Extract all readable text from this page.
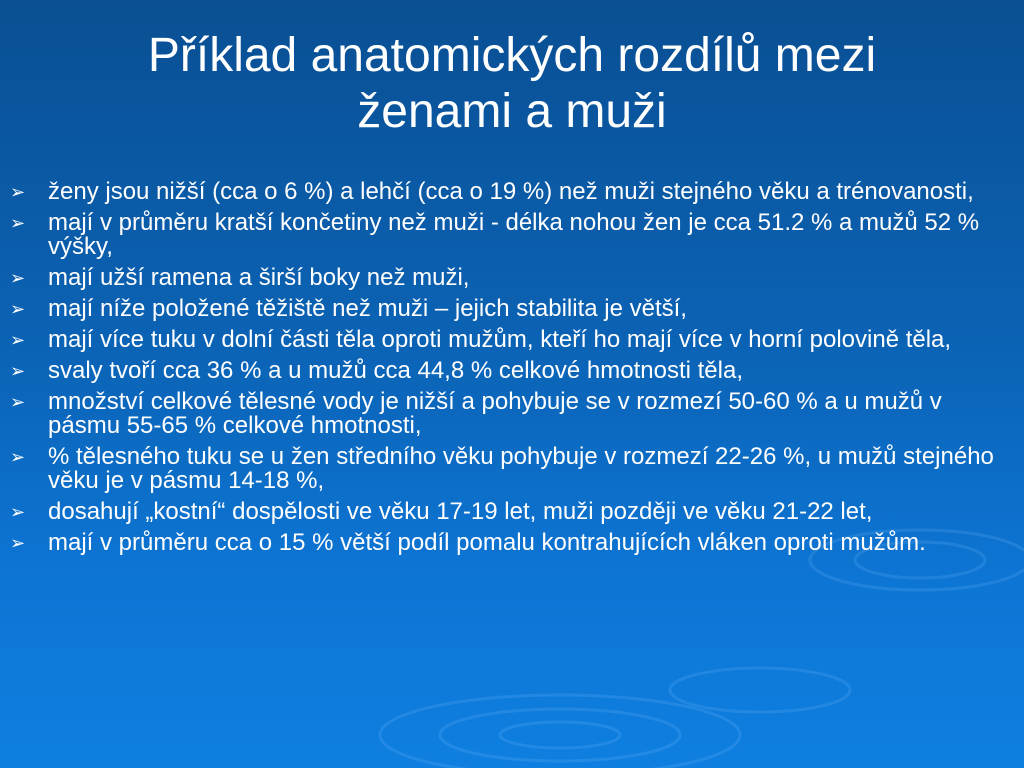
Příklad anatomických rozdílů mezi
ženami a muži
➢ ženy jsou nižší (cca o 6 %) a lehčí (cca o 19 %) než muži stejného věku a trénovanosti,
➢ mají v průměru kratší končetiny než muži - délka nohou žen je cca 51.2 % a mužů 52 % výšky,
➢ mají užší ramena a širší boky než muži,
➢ mají níže položené těžiště než muži – jejich stabilita je větší,
➢ mají více tuku v dolní části těla oproti mužům, kteří ho mají více v horní polovině těla,
➢ svaly tvoří cca 36 % a u mužů cca 44,8 % celkové hmotnosti těla,
➢ množství celkové tělesné vody je nižší a pohybuje se v rozmezí 50-60 % a u mužů v pásmu 55-65 % celkové hmotnosti,
➢ % tělesného tuku se u žen středního věku pohybuje v rozmezí 22-26 %, u mužů stejného věku je v pásmu 14-18 %,
➢ dosahují „kostní“ dospělosti ve věku 17-19 let, muži později ve věku 21-22 let,
➢ mají v průměru cca o 15 % větší podíl pomalu kontrahujících vláken oproti mužům.
